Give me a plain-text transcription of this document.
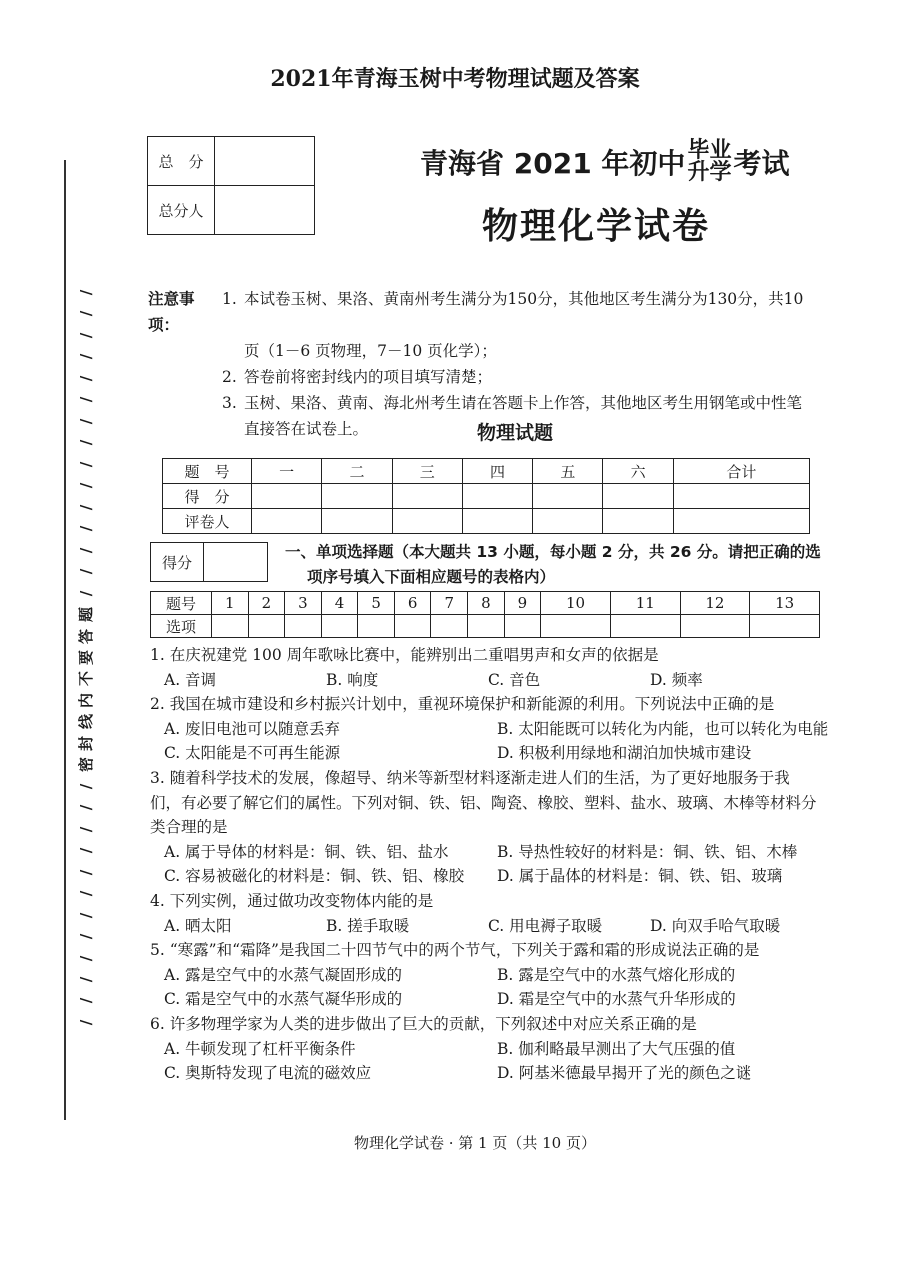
2021年青海玉树中考物理试题及答案
总　分	
总分人	
青海省 2021 年初中毕业
升学考试
物理化学试卷
/
/
/
/
/
/
/
/
/
/
/
/
/
/
/
题
答
要
不
内
线
封
密
/
/
/
/
/
/
/
/
/
/
/
/
注意事项：
1. 本试卷玉树、果洛、黄南州考生满分为150分，其他地区考生满分为130分，共10
页（1－6 页物理，7－10 页化学）；
2. 答卷前将密封线内的项目填写清楚；
3. 玉树、果洛、黄南、海北州考生请在答题卡上作答，其他地区考生用钢笔或中性笔
直接答在试卷上。	物理试题
题　号	一	二	三	四	五	六	合计
得　分							
评卷人							
得分	
一、单项选择题（本大题共 13 小题，每小题 2 分，共 26 分。请把正确的选
项序号填入下面相应题号的表格内）
题号	1	2	3	4	5	6	7	8	9	10	11	12	13
选项													
1. 在庆祝建党 100 周年歌咏比赛中，能辨别出二重唱男声和女声的依据是
A. 音调	B. 响度	C. 音色	D. 频率
2. 我国在城市建设和乡村振兴计划中，重视环境保护和新能源的利用。下列说法中正确的是
A. 废旧电池可以随意丢弃	B. 太阳能既可以转化为内能，也可以转化为电能
C. 太阳能是不可再生能源	D. 积极利用绿地和湖泊加快城市建设
3. 随着科学技术的发展，像超导、纳米等新型材料逐渐走进人们的生活，为了更好地服务于我
们，有必要了解它们的属性。下列对铜、铁、铝、陶瓷、橡胶、塑料、盐水、玻璃、木棒等材料分
类合理的是
A. 属于导体的材料是：铜、铁、铝、盐水	B. 导热性较好的材料是：铜、铁、铝、木棒
C. 容易被磁化的材料是：铜、铁、铝、橡胶	D. 属于晶体的材料是：铜、铁、铝、玻璃
4. 下列实例，通过做功改变物体内能的是
A. 晒太阳	B. 搓手取暖	C. 用电褥子取暖	D. 向双手哈气取暖
5. “寒露”和“霜降”是我国二十四节气中的两个节气，下列关于露和霜的形成说法正确的是
A. 露是空气中的水蒸气凝固形成的	B. 露是空气中的水蒸气熔化形成的
C. 霜是空气中的水蒸气凝华形成的	D. 霜是空气中的水蒸气升华形成的
6. 许多物理学家为人类的进步做出了巨大的贡献，下列叙述中对应关系正确的是
A. 牛顿发现了杠杆平衡条件	B. 伽利略最早测出了大气压强的值
C. 奥斯特发现了电流的磁效应	D. 阿基米德最早揭开了光的颜色之谜
物理化学试卷 · 第 1 页（共 10 页）
